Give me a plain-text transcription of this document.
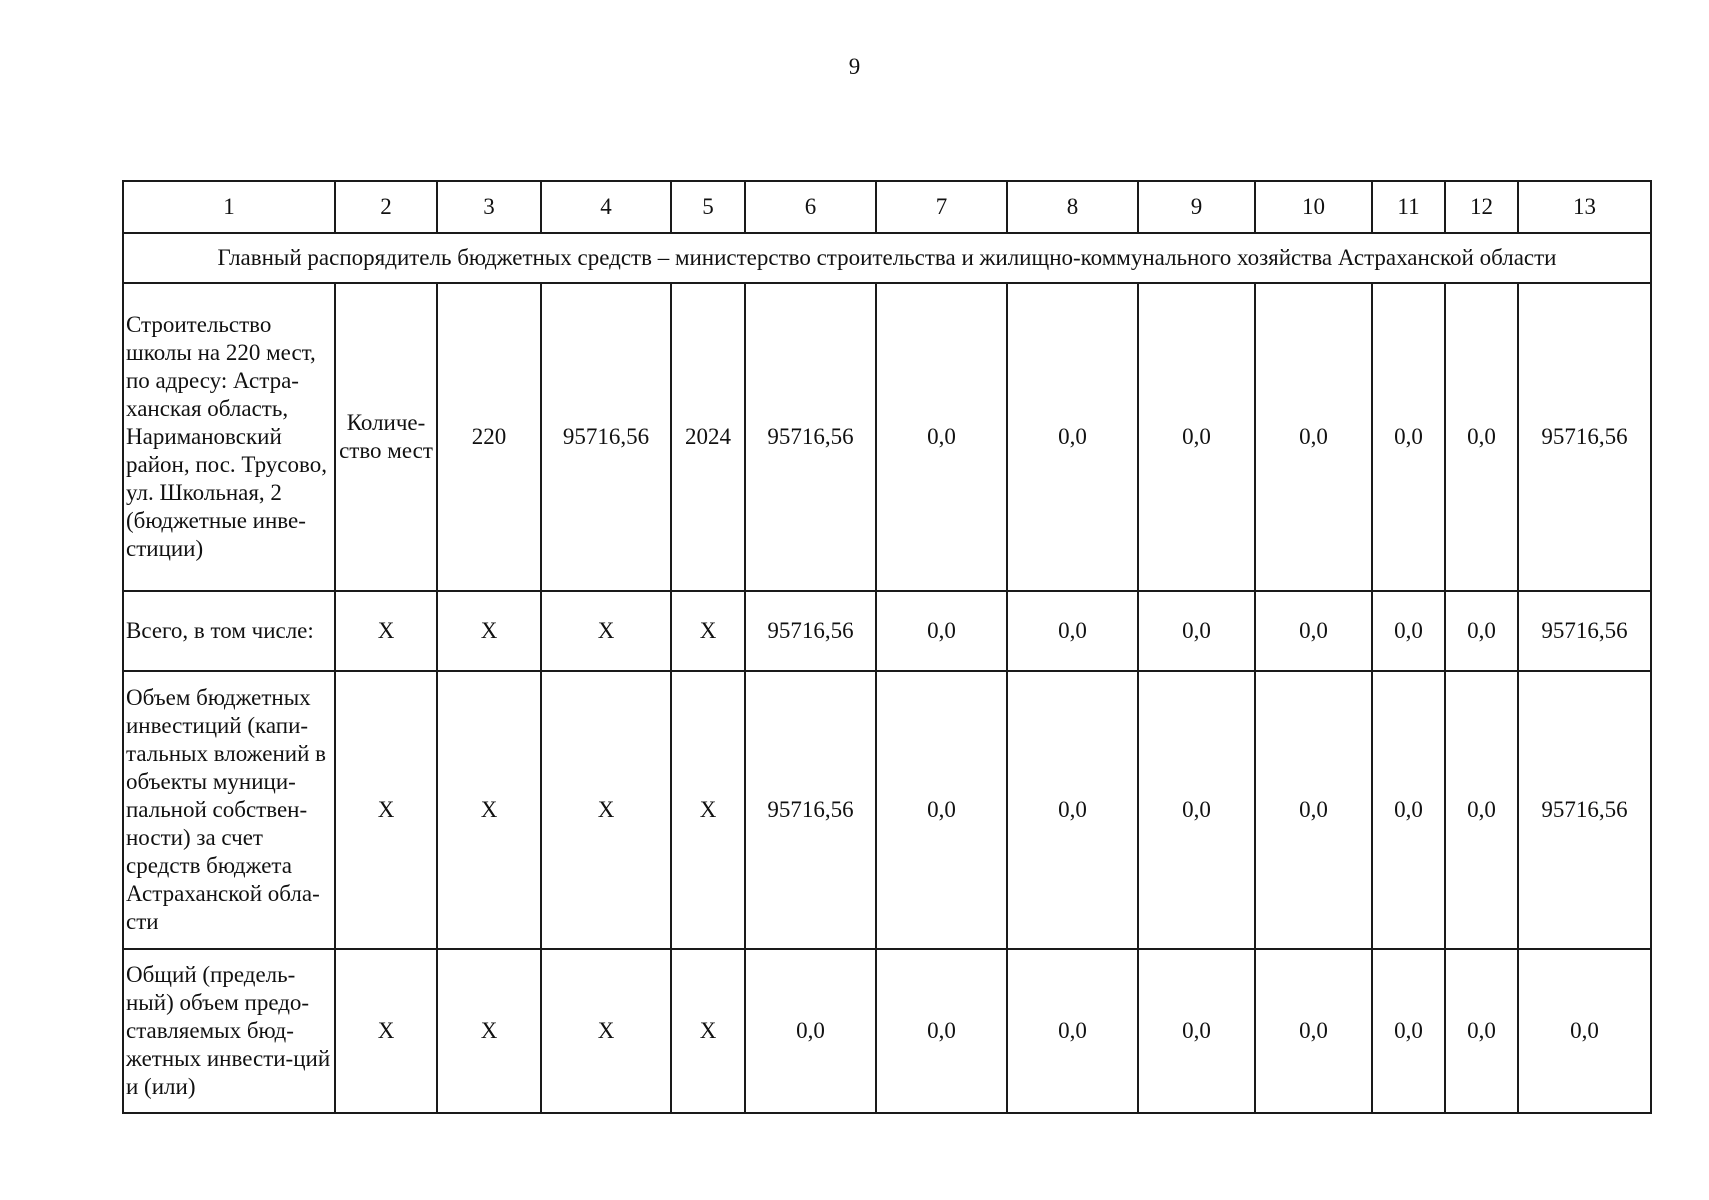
9
1	2	3	4	5	6	7	8	9	10	11	12	13
Главный распорядитель бюджетных средств – министерство строительства и жилищно-коммунального хозяйства Астраханской области												
Строительство школы на 220 мест, по адресу: Астра-ханская область, Наримановский район, пос. Трусово, ул. Школьная, 2 (бюджетные инве-стиции)	Количе-ство мест	220	95716,56	2024	95716,56	0,0	0,0	0,0	0,0	0,0	0,0	95716,56
Всего, в том числе:	X	X	X	X	95716,56	0,0	0,0	0,0	0,0	0,0	0,0	95716,56
Объем бюджетных инвестиций (капи-тальных вложений в объекты муници-пальной собствен-ности) за счет средств бюджета Астраханской обла-сти	X	X	X	X	95716,56	0,0	0,0	0,0	0,0	0,0	0,0	95716,56
Общий (предель-ный) объем предо-ставляемых бюд-жетных инвести-ций и (или)	X	X	X	X	0,0	0,0	0,0	0,0	0,0	0,0	0,0	0,0
